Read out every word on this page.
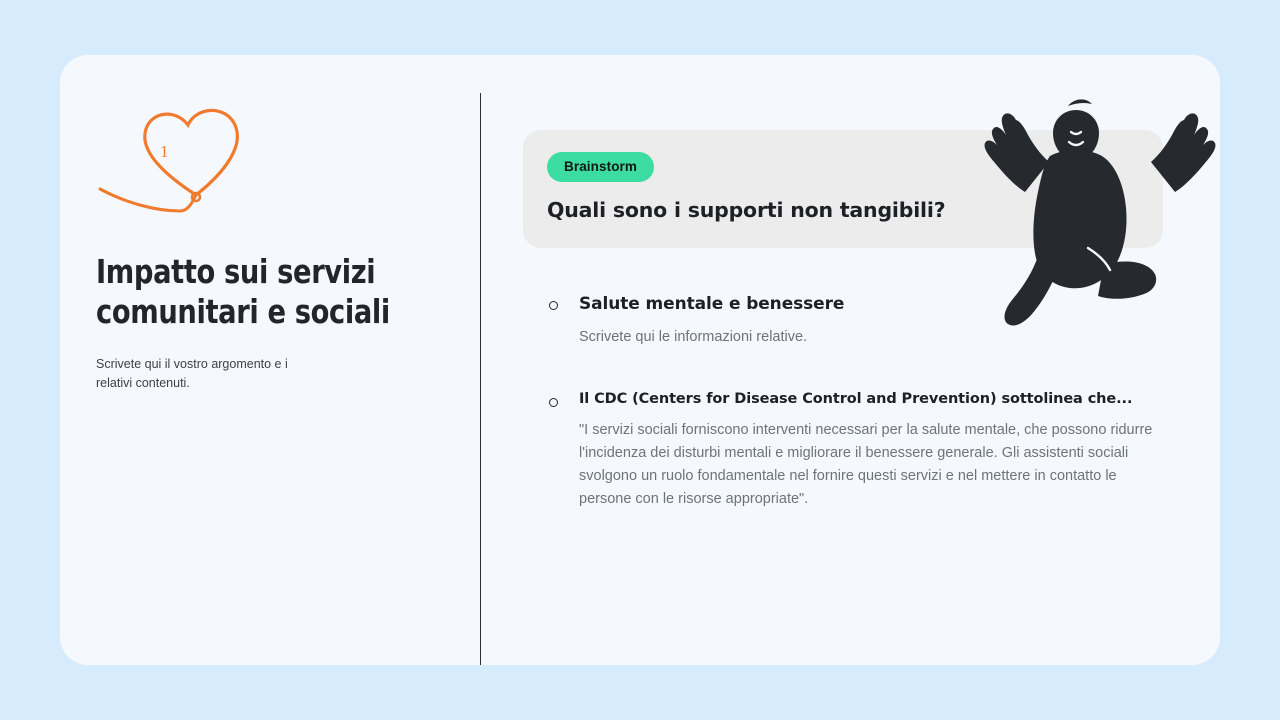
1
Impatto sui servizi comunitari e sociali
Scrivete qui il vostro argomento e i relativi contenuti.
Brainstorm
Quali sono i supporti non tangibili?
Salute mentale e benessere
Scrivete qui le informazioni relative.
Il CDC (Centers for Disease Control and Prevention) sottolinea che...
"I servizi sociali forniscono interventi necessari per la salute mentale, che possono ridurre l'incidenza dei disturbi mentali e migliorare il benessere generale. Gli assistenti sociali svolgono un ruolo fondamentale nel fornire questi servizi e nel mettere in contatto le persone con le risorse appropriate".
